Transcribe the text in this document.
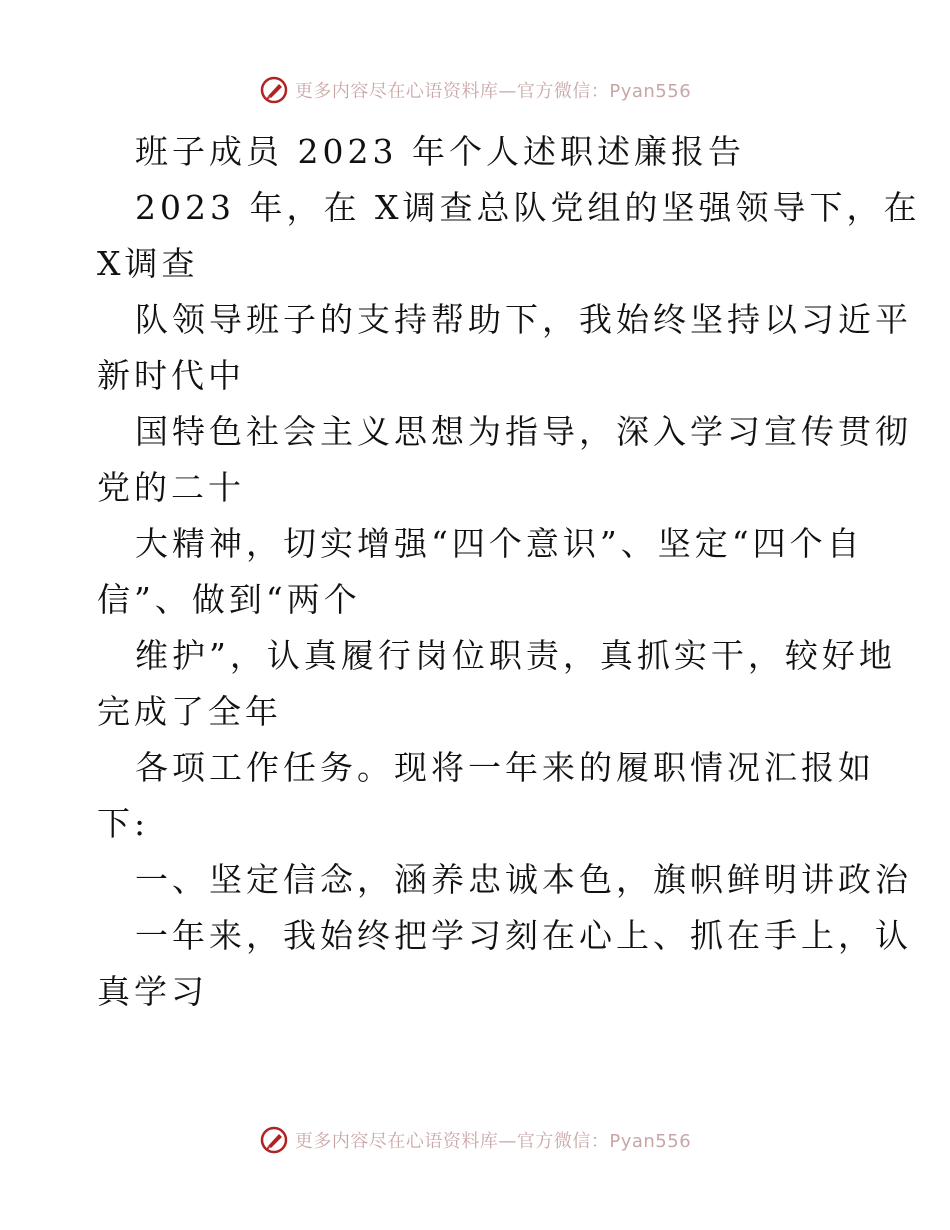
更多内容尽在心语资料库—官方微信：Pyan556
班子成员 2023 年个人述职述廉报告
2023 年，在 X调查总队党组的坚强领导下，在
X调查
队领导班子的支持帮助下，我始终坚持以习近平
新时代中
国特色社会主义思想为指导，深入学习宣传贯彻
党的二十
大精神，切实增强“四个意识”、坚定“四个自
信”、做到“两个
维护”，认真履行岗位职责，真抓实干，较好地
完成了全年
各项工作任务。现将一年来的履职情况汇报如
下:
一、坚定信念，涵养忠诚本色，旗帜鲜明讲政治
一年来，我始终把学习刻在心上、抓在手上，认
真学习
更多内容尽在心语资料库—官方微信：Pyan556
